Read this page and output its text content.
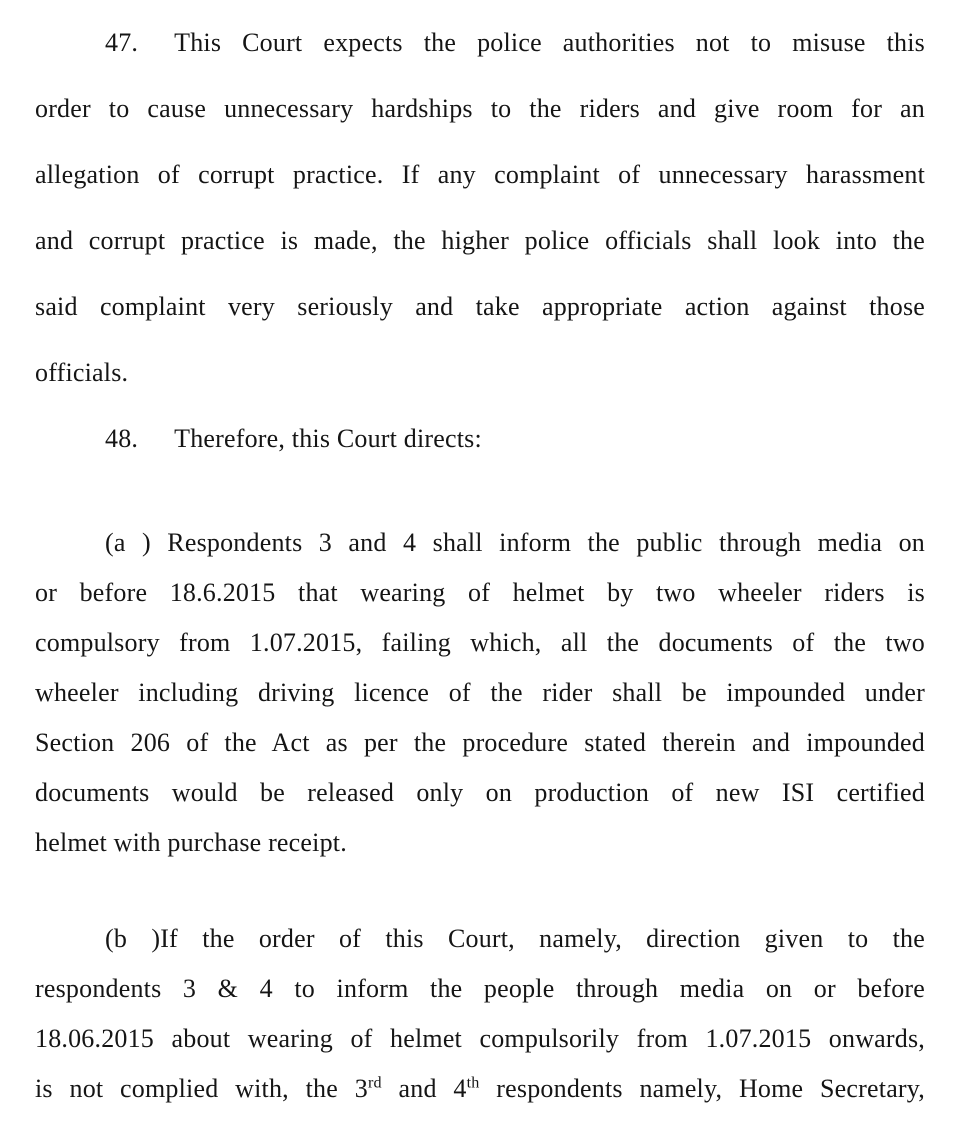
47. This Court expects the police authorities not to misuse this
order to cause unnecessary hardships to the riders and give room for an
allegation of corrupt practice. If any complaint of unnecessary harassment
and corrupt practice is made, the higher police officials shall look into the
said complaint very seriously and take appropriate action against those
officials.
48. Therefore, this Court directs:
(a ) Respondents 3 and 4 shall inform the public through media on
or before 18.6.2015 that wearing of helmet by two wheeler riders is
compulsory from 1.07.2015, failing which, all the documents of the two
wheeler including driving licence of the rider shall be impounded under
Section 206 of the Act as per the procedure stated therein and impounded
documents would be released only on production of new ISI certified
helmet with purchase receipt.
(b )If the order of this Court, namely, direction given to the
respondents 3 & 4 to inform the people through media on or before
18.06.2015 about wearing of helmet compulsorily from 1.07.2015 onwards,
is not complied with, the 3rd and 4th respondents namely, Home Secretary,
